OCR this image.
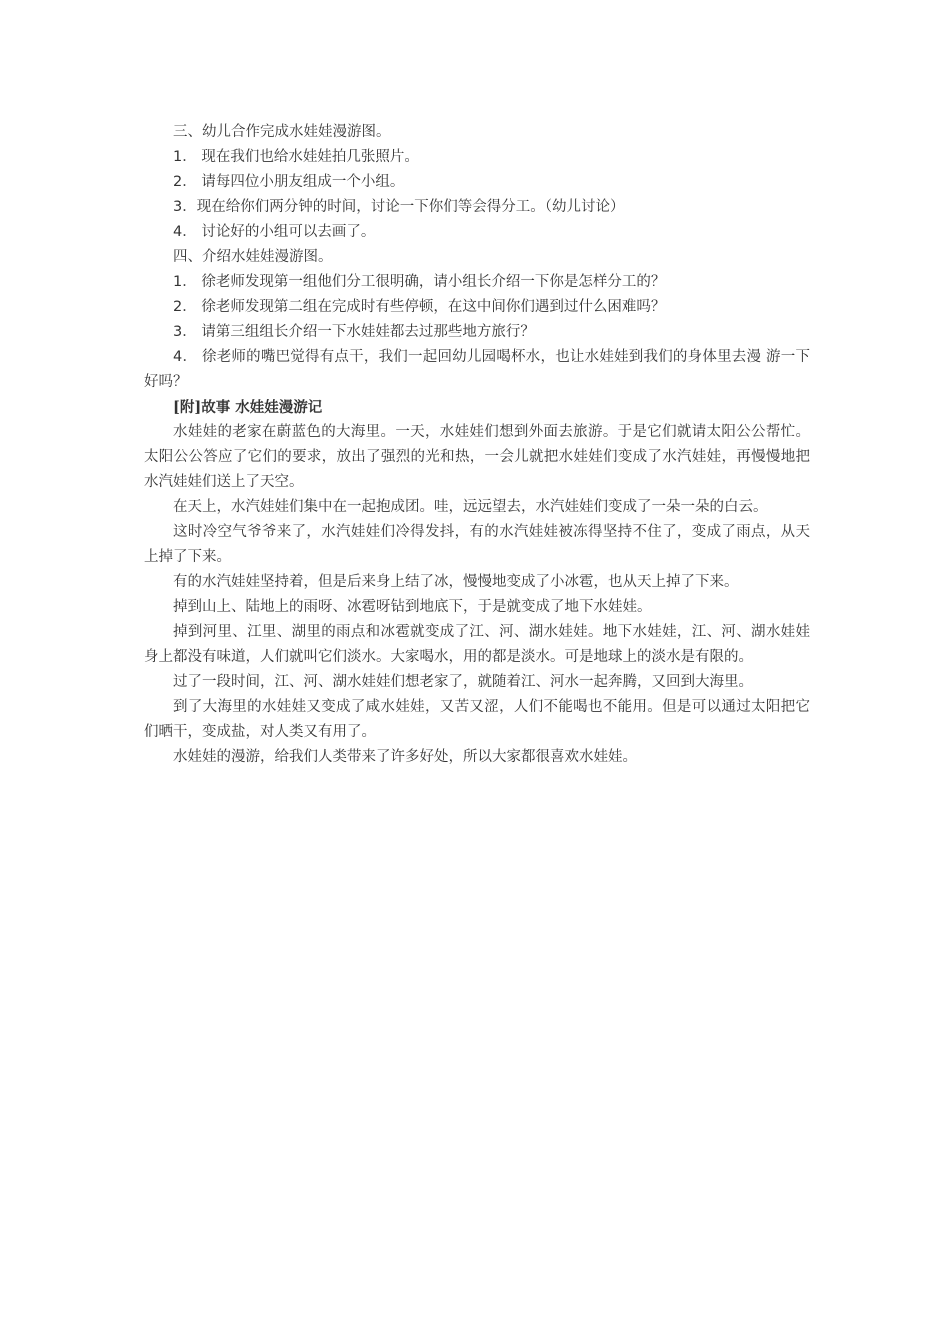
三、幼儿合作完成水娃娃漫游图。

1． 现在我们也给水娃娃拍几张照片。

2． 请每四位小朋友组成一个小组。

3．现在给你们两分钟的时间，讨论一下你们等会得分工。（幼儿讨论）

4． 讨论好的小组可以去画了。

四、介绍水娃娃漫游图。

1． 徐老师发现第一组他们分工很明确，请小组长介绍一下你是怎样分工的？

2． 徐老师发现第二组在完成时有些停顿，在这中间你们遇到过什么困难吗？

3． 请第三组组长介绍一下水娃娃都去过那些地方旅行？

4． 徐老师的嘴巴觉得有点干，我们一起回幼儿园喝杯水，也让水娃娃到我们的身体里去漫 游一下好吗？

[附]故事 水娃娃漫游记

水娃娃的老家在蔚蓝色的大海里。一天，水娃娃们想到外面去旅游。于是它们就请太阳公公帮忙。太阳公公答应了它们的要求，放出了强烈的光和热，一会儿就把水娃娃们变成了水汽娃娃，再慢慢地把水汽娃娃们送上了天空。

在天上，水汽娃娃们集中在一起抱成团。哇，远远望去，水汽娃娃们变成了一朵一朵的白云。

这时冷空气爷爷来了，水汽娃娃们冷得发抖，有的水汽娃娃被冻得坚持不住了，变成了雨点，从天上掉了下来。

有的水汽娃娃坚持着，但是后来身上结了冰，慢慢地变成了小冰雹，也从天上掉了下来。

掉到山上、陆地上的雨呀、冰雹呀钻到地底下，于是就变成了地下水娃娃。

掉到河里、江里、湖里的雨点和冰雹就变成了江、河、湖水娃娃。地下水娃娃，江、河、湖水娃娃身上都没有味道，人们就叫它们淡水。大家喝水，用的都是淡水。可是地球上的淡水是有限的。

过了一段时间，江、河、湖水娃娃们想老家了，就随着江、河水一起奔腾，又回到大海里。

到了大海里的水娃娃又变成了咸水娃娃，又苦又涩，人们不能喝也不能用。但是可以通过太阳把它们晒干，变成盐，对人类又有用了。

水娃娃的漫游，给我们人类带来了许多好处，所以大家都很喜欢水娃娃。
